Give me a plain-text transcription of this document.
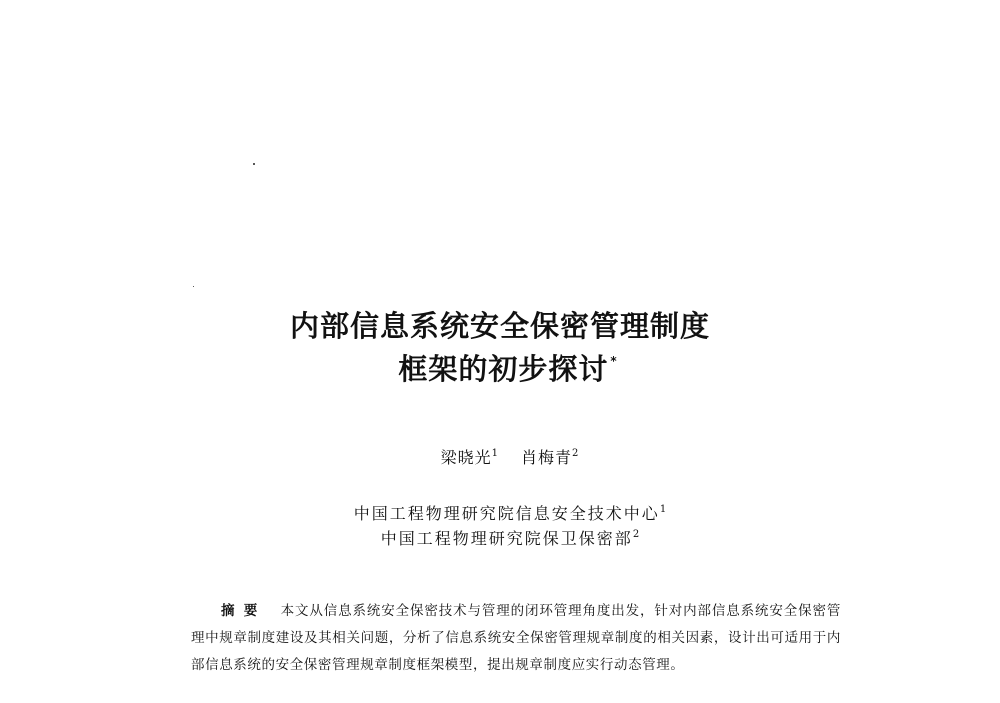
内部信息系统安全保密管理制度
框架的初步探讨 *
梁晓光$^1$ 肖梅青$^2$
中国工程物理研究院信息安全技术中心$^1$
中国工程物理研究院保卫保密部$^2$
摘要 本文从信息系统安全保密技术与管理的闭环管理角度出发，针对内部信息系统安全保密管理中规章制度建设及其相关问题，分析了信息系统安全保密管理规章制度的相关因素，设计出可适用于内部信息系统的安全保密管理规章制度框架模型，提出规章制度应实行动态管理。
